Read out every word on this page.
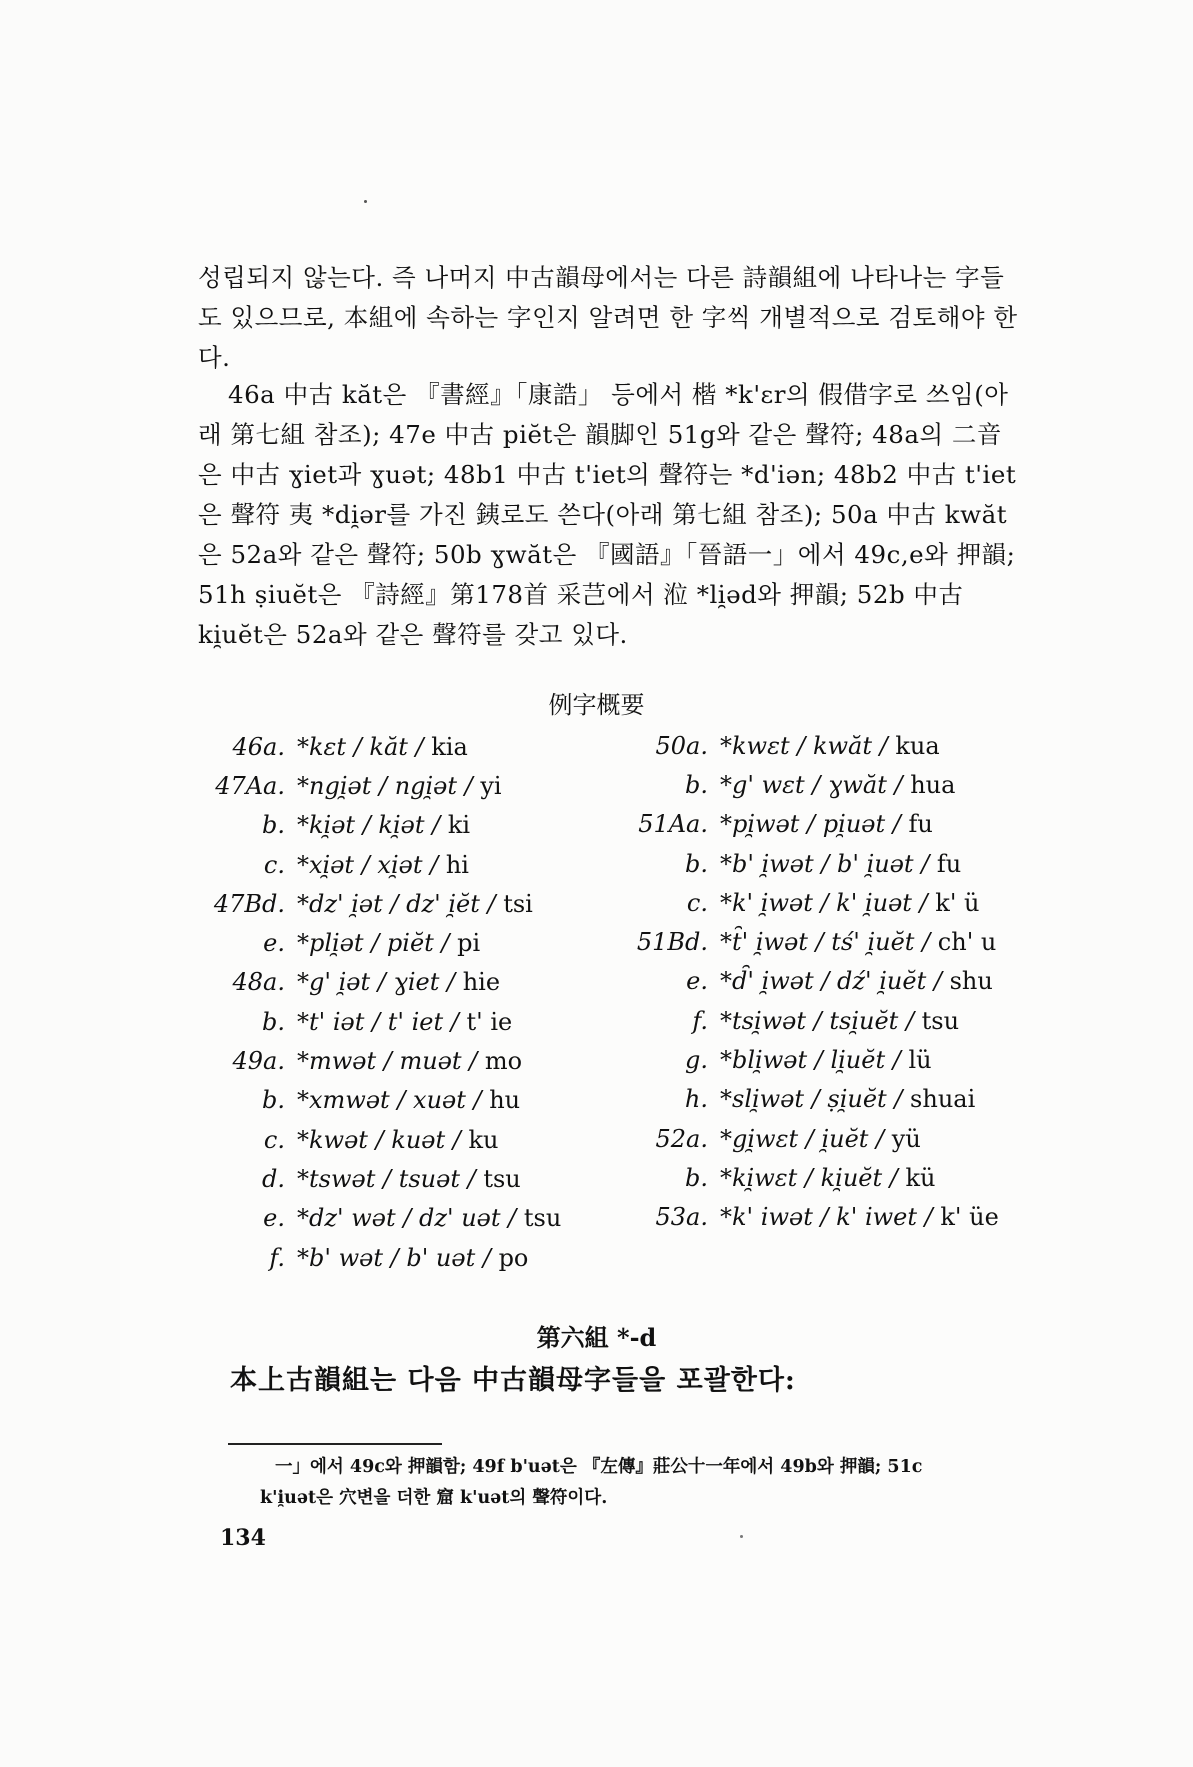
성립되지 않는다. 즉 나머지 中古韻母에서는 다른 詩韻組에 나타나는 字들도 있으므로, 本組에 속하는 字인지 알려면 한 字씩 개별적으로 검토해야 한다.

46a 中古 kăt은 『書經』「康誥」 등에서 楷 *k'ɛr의 假借字로 쓰임(아래 第七組 참조); 47e 中古 piĕt은 韻脚인 51g와 같은 聲符; 48a의 二音은 中古 ɣiet과 ɣuət; 48b1 中古 t'iet의 聲符는 *d'iən; 48b2 中古 t'iet은 聲符 夷 *di̯ər를 가진 銕로도 쓴다(아래 第七組 참조); 50a 中古 kwăt은 52a와 같은 聲符; 50b ɣwăt은 『國語』「晉語一」에서 49c,e와 押韻; 51h ṣiuĕt은 『詩經』第178首 采芑에서 涖 *li̯əd와 押韻; 52b 中古 ki̯uĕt은 52a와 같은 聲符를 갖고 있다.

例字概要
46a.	*kɛt / kăt / kia
47Aa.	*ngi̯ət / ngi̯ət / yi
b.	*ki̯ət / ki̯ət / ki
c.	*xi̯ət / xi̯ət / hi
47Bd.	*dz' i̯ət / dz' i̯ĕt / tsi
e.	*pli̯ət / piĕt / pi
48a.	*g' i̯ət / ɣiet / hie
b.	*t' iət / t' iet / t' ie
49a.	*mwət / muət / mo
b.	*xmwət / xuət / hu
c.	*kwət / kuət / ku
d.	*tswət / tsuət / tsu
e.	*dz' wət / dz' uət / tsu
f.	*b' wət / b' uət / po
50a.	*kwɛt / kwăt / kua
b.	*g' wɛt / ɣwăt / hua
51Aa.	*pi̯wət / pi̯uət / fu
b.	*b' i̯wət / b' i̯uət / fu
c.	*k' i̯wət / k' i̯uət / k' ü
51Bd.	*t̑' i̯wət / tś' i̯uĕt / ch' u
e.	*d̑' i̯wət / dź' i̯uĕt / shu
f.	*tsi̯wət / tsi̯uĕt / tsu
g.	*bli̯wət / li̯uĕt / lü
h.	*sli̯wət / ṣi̯uĕt / shuai
52a.	*gi̯wɛt / i̯uĕt / yü
b.	*ki̯wɛt / ki̯uĕt / kü
53a.	*k' iwət / k' iwet / k' üe
第六組 *-d

本上古韻組는 다음 中古韻母字들을 포괄한다:

一」에서 49c와 押韻함; 49f b'uət은 『左傳』莊公十一年에서 49b와 押韻; 51c
k'i̯uət은 穴변을 더한 窟 k'uət의 聲符이다.

134
